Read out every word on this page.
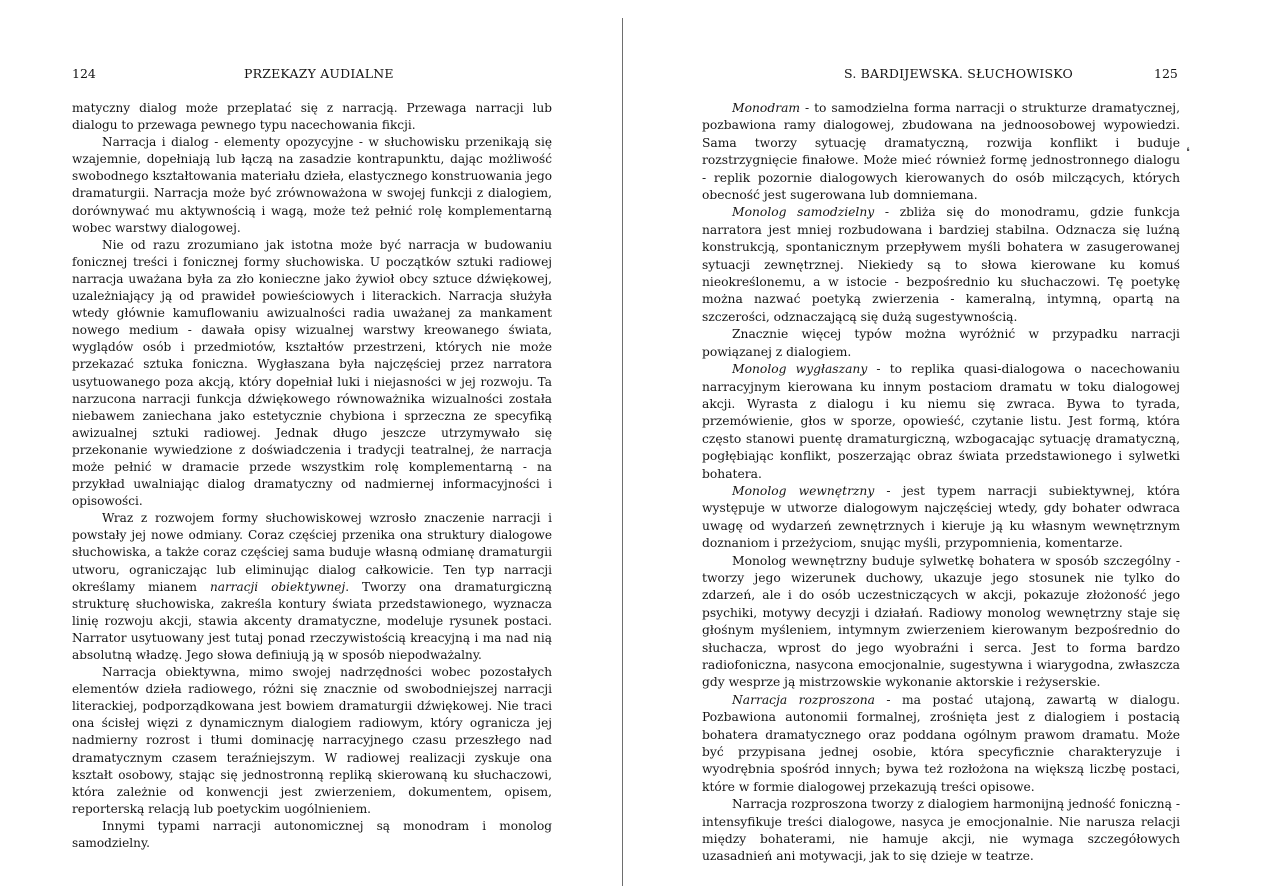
❛
124	PRZEKAZY AUDIALNE

matyczny dialog może przeplatać się z narracją. Przewaga narracji lub dialogu to przewaga pewnego typu nacechowania fikcji.

Narracja i dialog - elementy opozycyjne - w słuchowisku przenikają się wzajemnie, dopełniają lub łączą na zasadzie kontrapunktu, dając możliwość swobodnego kształtowania materiału dzieła, elastycznego konstruowania jego dramaturgii. Narracja może być zrównoważona w swojej funkcji z dialogiem, dorównywać mu aktywnością i wagą, może też pełnić rolę komplementarną wobec warstwy dialogowej.

Nie od razu zrozumiano jak istotna może być narracja w budowaniu fonicznej treści i fonicznej formy słuchowiska. U początków sztuki radiowej narracja uważana była za zło konieczne jako żywioł obcy sztuce dźwiękowej, uzależniający ją od prawideł powieściowych i literackich. Narracja służyła wtedy głównie kamuflowaniu awizualności radia uważanej za mankament nowego medium - dawała opisy wizualnej warstwy kreowanego świata, wyglądów osób i przedmiotów, kształtów przestrzeni, których nie może przekazać sztuka foniczna. Wygłaszana była najczęściej przez narratora usytuowanego poza akcją, który dopełniał luki i niejasności w jej rozwoju. Ta narzucona narracji funkcja dźwiękowego równoważnika wizualności została niebawem zaniechana jako estetycznie chybiona i sprzeczna ze specyfiką awizualnej sztuki radiowej. Jednak długo jeszcze utrzymywało się przekonanie wywiedzione z doświadczenia i tradycji teatralnej, że narracja może pełnić w dramacie przede wszystkim rolę komplementarną - na przykład uwalniając dialog dramatyczny od nadmiernej informacyjności i opisowości.

Wraz z rozwojem formy słuchowiskowej wzrosło znaczenie narracji i powstały jej nowe odmiany. Coraz częściej przenika ona struktury dialogowe słuchowiska, a także coraz częściej sama buduje własną odmianę dramaturgii utworu, ograniczając lub eliminując dialog całkowicie. Ten typ narracji określamy mianem narracji obiektywnej. Tworzy ona dramaturgiczną strukturę słuchowiska, zakreśla kontury świata przedstawionego, wyznacza linię rozwoju akcji, stawia akcenty dramatyczne, modeluje rysunek postaci. Narrator usytuowany jest tutaj ponad rzeczywistością kreacyjną i ma nad nią absolutną władzę. Jego słowa definiują ją w sposób niepodważalny.

Narracja obiektywna, mimo swojej nadrzędności wobec pozostałych elementów dzieła radiowego, różni się znacznie od swobodniejszej narracji literackiej, podporządkowana jest bowiem dramaturgii dźwiękowej. Nie traci ona ścisłej więzi z dynamicznym dialogiem radiowym, który ogranicza jej nadmierny rozrost i tłumi dominację narracyjnego czasu przeszłego nad dramatycznym czasem teraźniejszym. W radiowej realizacji zyskuje ona kształt osobowy, stając się jednostronną repliką skierowaną ku słuchaczowi, która zależnie od konwencji jest zwierzeniem, dokumentem, opisem, reporterską relacją lub poetyckim uogólnieniem.

Innymi typami narracji autonomicznej są monodram i monolog samodzielny.

S. BARDIJEWSKA. SŁUCHOWISKO	125

Monodram - to samodzielna forma narracji o strukturze dramatycznej, pozbawiona ramy dialogowej, zbudowana na jednoosobowej wypowiedzi. Sama tworzy sytuację dramatyczną, rozwija konflikt i buduje rozstrzygnięcie finałowe. Może mieć również formę jednostronnego dialogu - replik pozornie dialogowych kierowanych do osób milczących, których obecność jest sugerowana lub domniemana.

Monolog samodzielny - zbliża się do monodramu, gdzie funkcja narratora jest mniej rozbudowana i bardziej stabilna. Odznacza się luźną konstrukcją, spontanicznym przepływem myśli bohatera w zasugerowanej sytuacji zewnętrznej. Niekiedy są to słowa kierowane ku komuś nieokreślonemu, a w istocie - bezpośrednio ku słuchaczowi. Tę poetykę można nazwać poetyką zwierzenia - kameralną, intymną, opartą na szczerości, odznaczającą się dużą sugestywnością.

Znacznie więcej typów można wyróżnić w przypadku narracji powiązanej z dialogiem.

Monolog wygłaszany - to replika quasi-dialogowa o nacechowaniu narracyjnym kierowana ku innym postaciom dramatu w toku dialogowej akcji. Wyrasta z dialogu i ku niemu się zwraca. Bywa to tyrada, przemówienie, głos w sporze, opowieść, czytanie listu. Jest formą, która często stanowi puentę dramaturgiczną, wzbogacając sytuację dramatyczną, pogłębiając konflikt, poszerzając obraz świata przedstawionego i sylwetki bohatera.

Monolog wewnętrzny - jest typem narracji subiektywnej, która występuje w utworze dialogowym najczęściej wtedy, gdy bohater odwraca uwagę od wydarzeń zewnętrznych i kieruje ją ku własnym wewnętrznym doznaniom i przeżyciom, snując myśli, przypomnienia, komentarze.

Monolog wewnętrzny buduje sylwetkę bohatera w sposób szczególny - tworzy jego wizerunek duchowy, ukazuje jego stosunek nie tylko do zdarzeń, ale i do osób uczestniczących w akcji, pokazuje złożoność jego psychiki, motywy decyzji i działań. Radiowy monolog wewnętrzny staje się głośnym myśleniem, intymnym zwierzeniem kierowanym bezpośrednio do słuchacza, wprost do jego wyobraźni i serca. Jest to forma bardzo radiofoniczna, nasycona emocjonalnie, sugestywna i wiarygodna, zwłaszcza gdy wesprze ją mistrzowskie wykonanie aktorskie i reżyserskie.

Narracja rozproszona - ma postać utajoną, zawartą w dialogu. Pozbawiona autonomii formalnej, zrośnięta jest z dialogiem i postacią bohatera dramatycznego oraz poddana ogólnym prawom dramatu. Może być przypisana jednej osobie, która specyficznie charakteryzuje i wyodrębnia spośród innych; bywa też rozłożona na większą liczbę postaci, które w formie dialogowej przekazują treści opisowe.

Narracja rozproszona tworzy z dialogiem harmonijną jedność foniczną - intensyfikuje treści dialogowe, nasyca je emocjonalnie. Nie narusza relacji między bohaterami, nie hamuje akcji, nie wymaga szczegółowych uzasadnień ani motywacji, jak to się dzieje w teatrze.
